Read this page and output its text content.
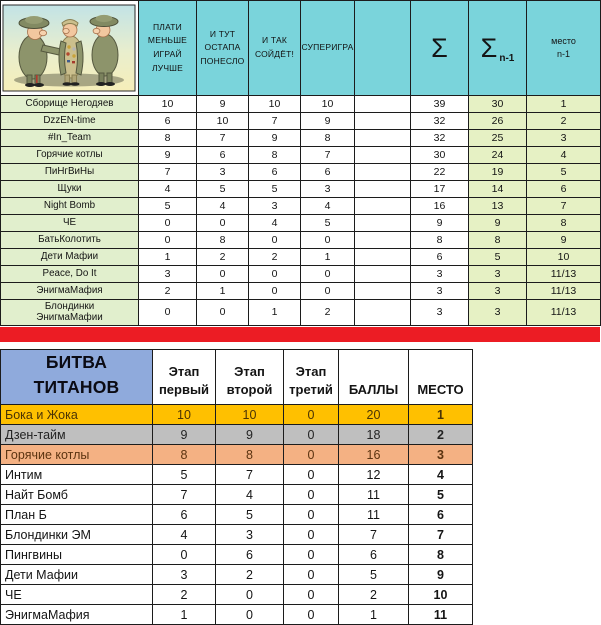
	ПЛАТИ МЕНЬШЕ ИГРАЙ ЛУЧШЕ	И ТУТ ОСТАПА ПОНЕСЛО	И ТАК СОЙДЁТ!	СУПЕРИГРА		Σ	Σ $_{n-1}$	место
n-1

Сборище Негодяев	10	9	10	10		39	30	1
DzzEN-time	6	10	7	9		32	26	2
#In_Team	8	7	9	8		32	25	3
Горячие котлы	9	6	8	7		30	24	4
ПиНгВиНы	7	3	6	6		22	19	5
Щуки	4	5	5	3		17	14	6
Night Bomb	5	4	3	4		16	13	7
ЧЕ	0	0	4	5		9	9	8
БатьКолотить	0	8	0	0		8	8	9
Дети Мафии	1	2	2	1		6	5	10
Peace, Do It	3	0	0	0		3	3	11/13
ЭнигмаМафия	2	1	0	0		3	3	11/13
Блондинки ЭнигмаМафии	0	0	1	2		3	3	11/13
БИТВА ТИТАНОВ	Этап первый	Этап второй	Этап третий	БАЛЛЫ	МЕСТО
Бока и Жока	10	10	0	20	1
Дзен-тайм	9	9	0	18	2
Горячие котлы	8	8	0	16	3
Интим	5	7	0	12	4
Найт Бомб	7	4	0	11	5
План Б	6	5	0	11	6
Блондинки ЭМ	4	3	0	7	7
Пингвины	0	6	0	6	8
Дети Мафии	3	2	0	5	9
ЧЕ	2	0	0	2	10
ЭнигмаМафия	1	0	0	1	11
